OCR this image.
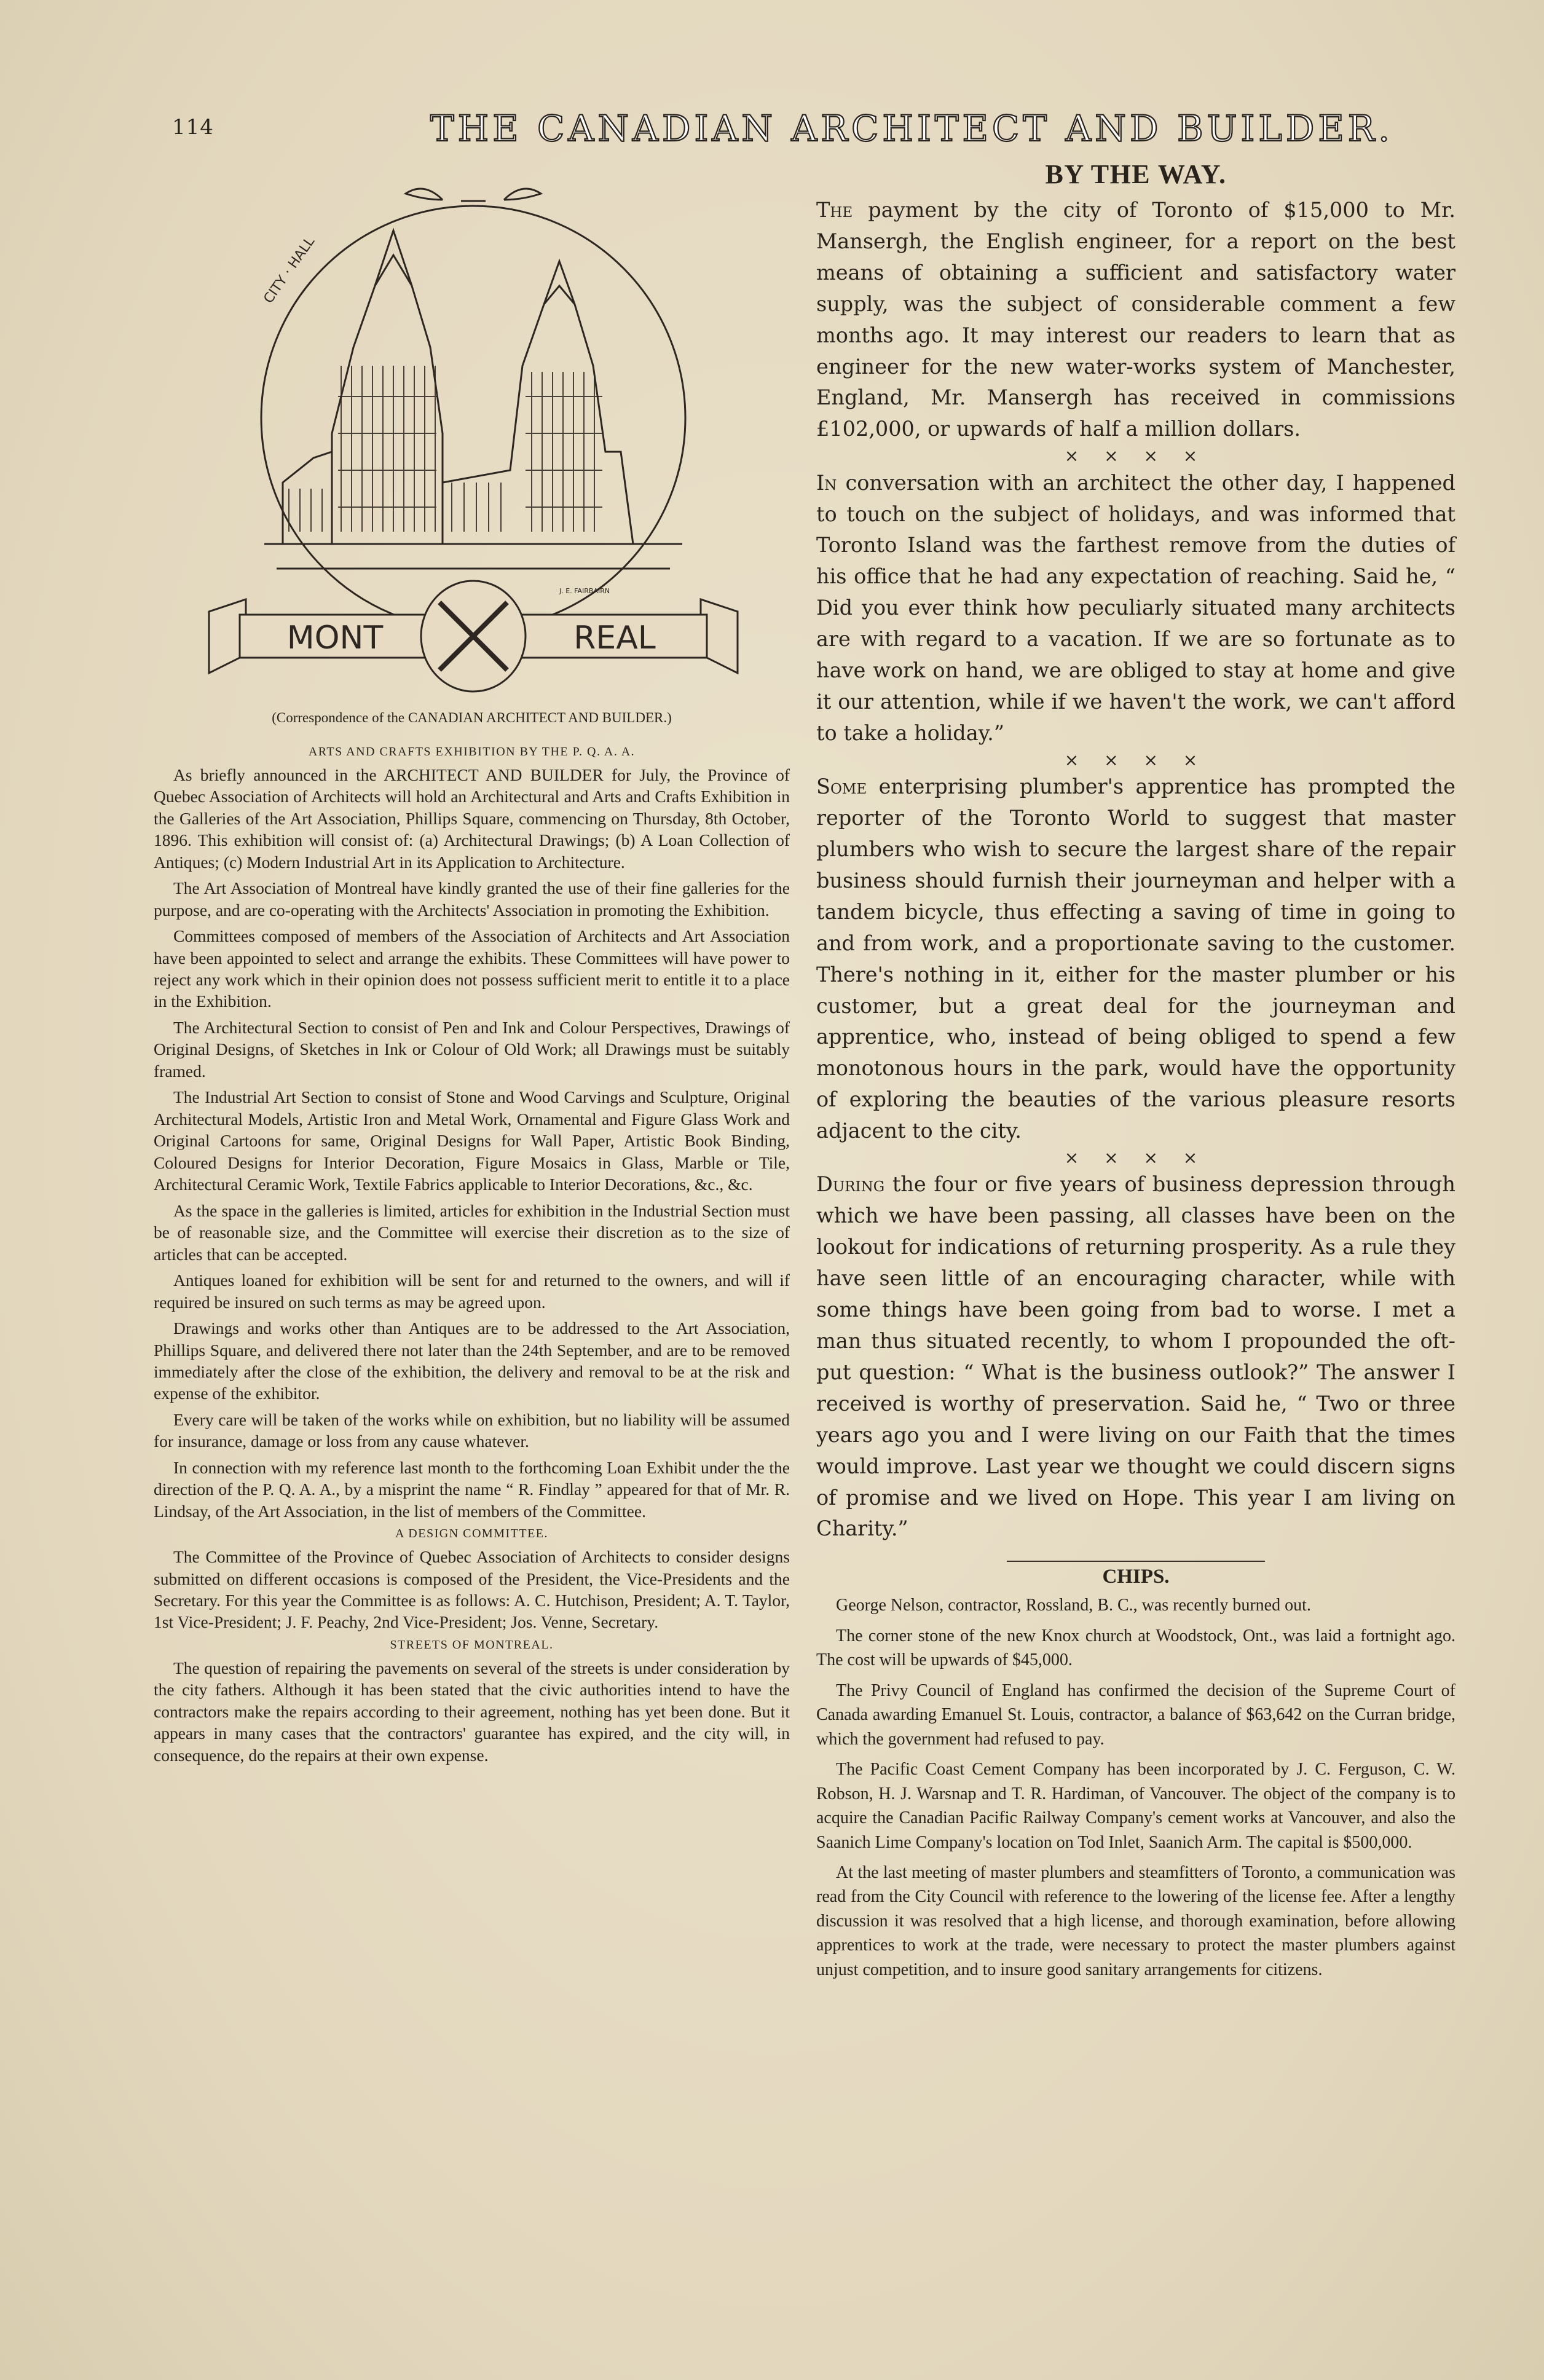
114	THE CANADIAN ARCHITECT AND BUILDER.
MONT	REAL
CITY · HALL
J. E. FAIRBAIRN
(Correspondence of the CANADIAN ARCHITECT AND BUILDER.)
ARTS AND CRAFTS EXHIBITION BY THE P. Q. A. A.

As briefly announced in the ARCHITECT AND BUILDER for July, the Province of Quebec Association of Architects will hold an Architectural and Arts and Crafts Exhibition in the Galleries of the Art Association, Phillips Square, commencing on Thursday, 8th October, 1896. This exhibition will consist of: (a) Architectural Drawings; (b) A Loan Collection of Antiques; (c) Modern Industrial Art in its Application to Architecture.

The Art Association of Montreal have kindly granted the use of their fine galleries for the purpose, and are co-operating with the Architects' Association in promoting the Exhibition.

Committees composed of members of the Association of Architects and Art Association have been appointed to select and arrange the exhibits. These Committees will have power to reject any work which in their opinion does not possess sufficient merit to entitle it to a place in the Exhibition.

The Architectural Section to consist of Pen and Ink and Colour Perspectives, Drawings of Original Designs, of Sketches in Ink or Colour of Old Work; all Drawings must be suitably framed.

The Industrial Art Section to consist of Stone and Wood Carvings and Sculpture, Original Architectural Models, Artistic Iron and Metal Work, Ornamental and Figure Glass Work and Original Cartoons for same, Original Designs for Wall Paper, Artistic Book Binding, Coloured Designs for Interior Decoration, Figure Mosaics in Glass, Marble or Tile, Architectural Ceramic Work, Textile Fabrics applicable to Interior Decorations, &c., &c.

As the space in the galleries is limited, articles for exhibition in the Industrial Section must be of reasonable size, and the Committee will exercise their discretion as to the size of articles that can be accepted.

Antiques loaned for exhibition will be sent for and returned to the owners, and will if required be insured on such terms as may be agreed upon.

Drawings and works other than Antiques are to be addressed to the Art Association, Phillips Square, and delivered there not later than the 24th September, and are to be removed immediately after the close of the exhibition, the delivery and removal to be at the risk and expense of the exhibitor.

Every care will be taken of the works while on exhibition, but no liability will be assumed for insurance, damage or loss from any cause whatever.

In connection with my reference last month to the forthcoming Loan Exhibit under the the direction of the P. Q. A. A., by a misprint the name “ R. Findlay ” appeared for that of Mr. R. Lindsay, of the Art Association, in the list of members of the Committee.

A DESIGN COMMITTEE.

The Committee of the Province of Quebec Association of Architects to consider designs submitted on different occasions is composed of the President, the Vice-Presidents and the Secretary. For this year the Committee is as follows: A. C. Hutchison, President; A. T. Taylor, 1st Vice-President; J. F. Peachy, 2nd Vice-President; Jos. Venne, Secretary.

STREETS OF MONTREAL.

The question of repairing the pavements on several of the streets is under consideration by the city fathers. Although it has been stated that the civic authorities intend to have the contractors make the repairs according to their agreement, nothing has yet been done. But it appears in many cases that the contractors' guarantee has expired, and the city will, in consequence, do the repairs at their own expense.

BY THE WAY.

The payment by the city of Toronto of $15,000 to Mr. Mansergh, the English engineer, for a report on the best means of obtaining a sufficient and satisfactory water supply, was the subject of considerable comment a few months ago. It may interest our readers to learn that as engineer for the new water-works system of Manchester, England, Mr. Mansergh has received in commissions £102,000, or upwards of half a million dollars.

× × × ×

In conversation with an architect the other day, I happened to touch on the subject of holidays, and was informed that Toronto Island was the farthest remove from the duties of his office that he had any expectation of reaching. Said he, “ Did you ever think how peculiarly situated many architects are with regard to a vacation. If we are so fortunate as to have work on hand, we are obliged to stay at home and give it our attention, while if we haven't the work, we can't afford to take a holiday.”

× × × ×

Some enterprising plumber's apprentice has prompted the reporter of the Toronto World to suggest that master plumbers who wish to secure the largest share of the repair business should furnish their journeyman and helper with a tandem bicycle, thus effecting a saving of time in going to and from work, and a proportionate saving to the customer. There's nothing in it, either for the master plumber or his customer, but a great deal for the journeyman and apprentice, who, instead of being obliged to spend a few monotonous hours in the park, would have the opportunity of exploring the beauties of the various pleasure resorts adjacent to the city.

× × × ×

During the four or five years of business depression through which we have been passing, all classes have been on the lookout for indications of returning prosperity. As a rule they have seen little of an encouraging character, while with some things have been going from bad to worse. I met a man thus situated recently, to whom I propounded the oft-put question: “ What is the business outlook?” The answer I received is worthy of preservation. Said he, “ Two or three years ago you and I were living on our Faith that the times would improve. Last year we thought we could discern signs of promise and we lived on Hope. This year I am living on Charity.”

CHIPS.

George Nelson, contractor, Rossland, B. C., was recently burned out.

The corner stone of the new Knox church at Woodstock, Ont., was laid a fortnight ago. The cost will be upwards of $45,000.

The Privy Council of England has confirmed the decision of the Supreme Court of Canada awarding Emanuel St. Louis, contractor, a balance of $63,642 on the Curran bridge, which the government had refused to pay.

The Pacific Coast Cement Company has been incorporated by J. C. Ferguson, C. W. Robson, H. J. Warsnap and T. R. Hardiman, of Vancouver. The object of the company is to acquire the Canadian Pacific Railway Company's cement works at Vancouver, and also the Saanich Lime Company's location on Tod Inlet, Saanich Arm. The capital is $500,000.

At the last meeting of master plumbers and steamfitters of Toronto, a communication was read from the City Council with reference to the lowering of the license fee. After a lengthy discussion it was resolved that a high license, and thorough examination, before allowing apprentices to work at the trade, were necessary to protect the master plumbers against unjust competition, and to insure good sanitary arrangements for citizens.
